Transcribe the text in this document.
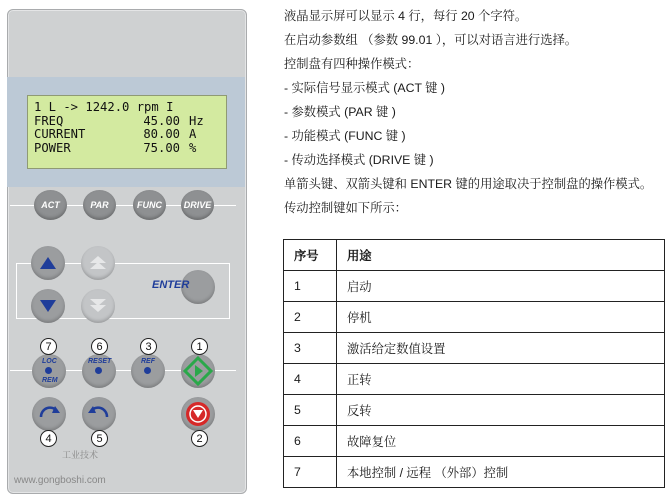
1 L -> 1242.0 rpm I
FREQ	45.00 Hz
CURRENT	80.00 A
POWER	75.00 %
ACT	PAR	FUNC	DRIVE
ENTER
LOC
REM
RESET	REF
7	6	3	1
4	5	2
工业技术
www.gongboshi.com

液晶显示屏可以显示 4 行，每行 20 个字符。

在启动参数组 （参数 99.01 ），可以对语言进行选择。

控制盘有四种操作模式：

- 实际信号显示模式 (ACT 键 )

- 参数模式 (PAR 键 )

- 功能模式 (FUNC 键 )

- 传动选择模式 (DRIVE 键 )

单箭头键、双箭头键和 ENTER 键的用途取决于控制盘的操作模式。

传动控制键如下所示：

序号	用途
1	启动
2	停机
3	激活给定数值设置
4	正转
5	反转
6	故障复位
7	本地控制 / 远程 （外部）控制
